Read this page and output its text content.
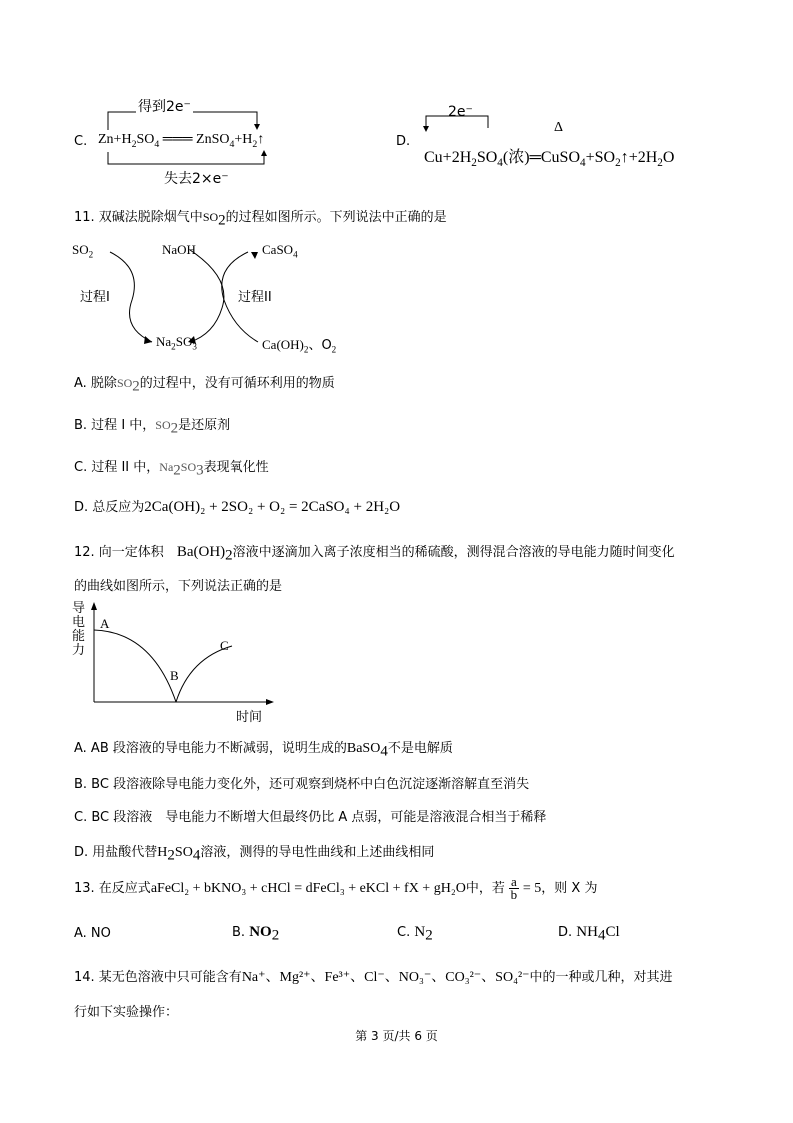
C.
得到2e⁻
$Zn+H_2SO_4$ ═══ $ZnSO_4+H_2↑$
失去2×e⁻
D.
2e⁻
Δ
$Cu+2H_2SO_4$(浓)$═CuSO_4+SO_2↑+2H_2O$
11. 双碱法脱除烟气中$SO_2$的过程如图所示。下列说法中正确的是
$SO_2$	NaOH	CaSO$_4$
过程I	过程II
$Na_2SO_3$	$Ca(OH)_2$、$O_2$
A. 脱除$SO_2$的过程中，没有可循环利用的物质
B. 过程 I 中，$SO_2$是还原剂
C. 过程 II 中，$Na_2SO_3$表现氧化性
D. 总反应为2Ca(OH)₂ + 2SO₂ + O₂ = 2CaSO₄ + 2H₂O
12. 向一定体积　 $Ba(OH)_2$溶液中逐滴加入离子浓度相当的稀硫酸，测得混合溶液的导电能力随时间变化
的曲线如图所示，下列说法正确的是
导电能力
A
B
C
时间
A. AB 段溶液的导电能力不断减弱，说明生成的BaSO$_4$不是电解质
B. BC 段溶液除导电能力变化外，还可观察到烧杯中白色沉淀逐渐溶解直至消失
C. BC 段溶液　导电能力不断增大但最终仍比 A 点弱，可能是溶液混合相当于稀释
D. 用盐酸代替$H_2SO_4$溶液，测得的导电性曲线和上述曲线相同
13. 在反应式aFeCl₂ + bKNO₃ + cHCl = dFeCl₃ + eKCl + fX + gH₂O中，若 $\frac{a}{b} = 5$，则 X 为
A. NO	B. $NO_2$	C. $N_2$	D. $NH_4Cl$
14. 某无色溶液中只可能含有Na⁺、Mg²⁺、Fe³⁺、Cl⁻、NO₃⁻、CO₃²⁻、SO₄²⁻中的一种或几种，对其进
行如下实验操作：
第 3 页/共 6 页
